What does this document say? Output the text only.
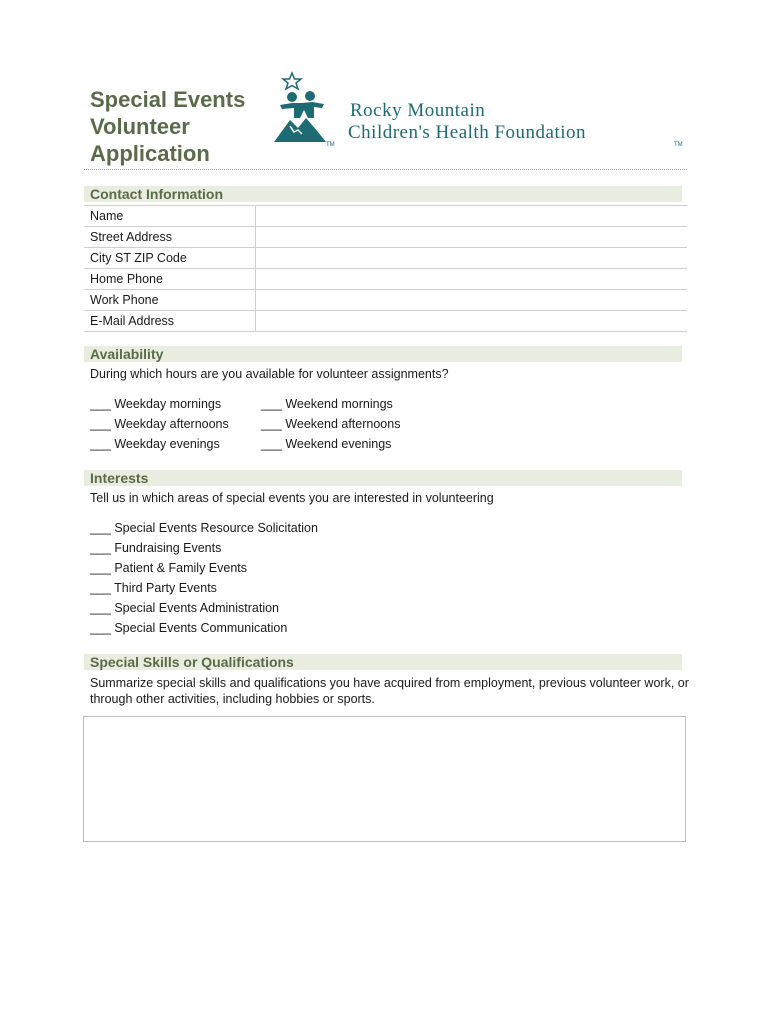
Special Events
Volunteer
Application	TM
Rocky Mountain
Children's Health Foundation
TM
Contact Information
Name	
Street Address	
City ST ZIP Code	
Home Phone	
Work Phone	
E-Mail Address	
Availability
During which hours are you available for volunteer assignments?
___ Weekday mornings
___ Weekday afternoons
___ Weekday evenings
___ Weekend mornings
___ Weekend afternoons
___ Weekend evenings
Interests
Tell us in which areas of special events you are interested in volunteering
___ Special Events Resource Solicitation
___ Fundraising Events
___ Patient & Family Events
___ Third Party Events
___ Special Events Administration
___ Special Events Communication
Special Skills or Qualifications
Summarize special skills and qualifications you have acquired from employment, previous volunteer work, or through other activities, including hobbies or sports.
